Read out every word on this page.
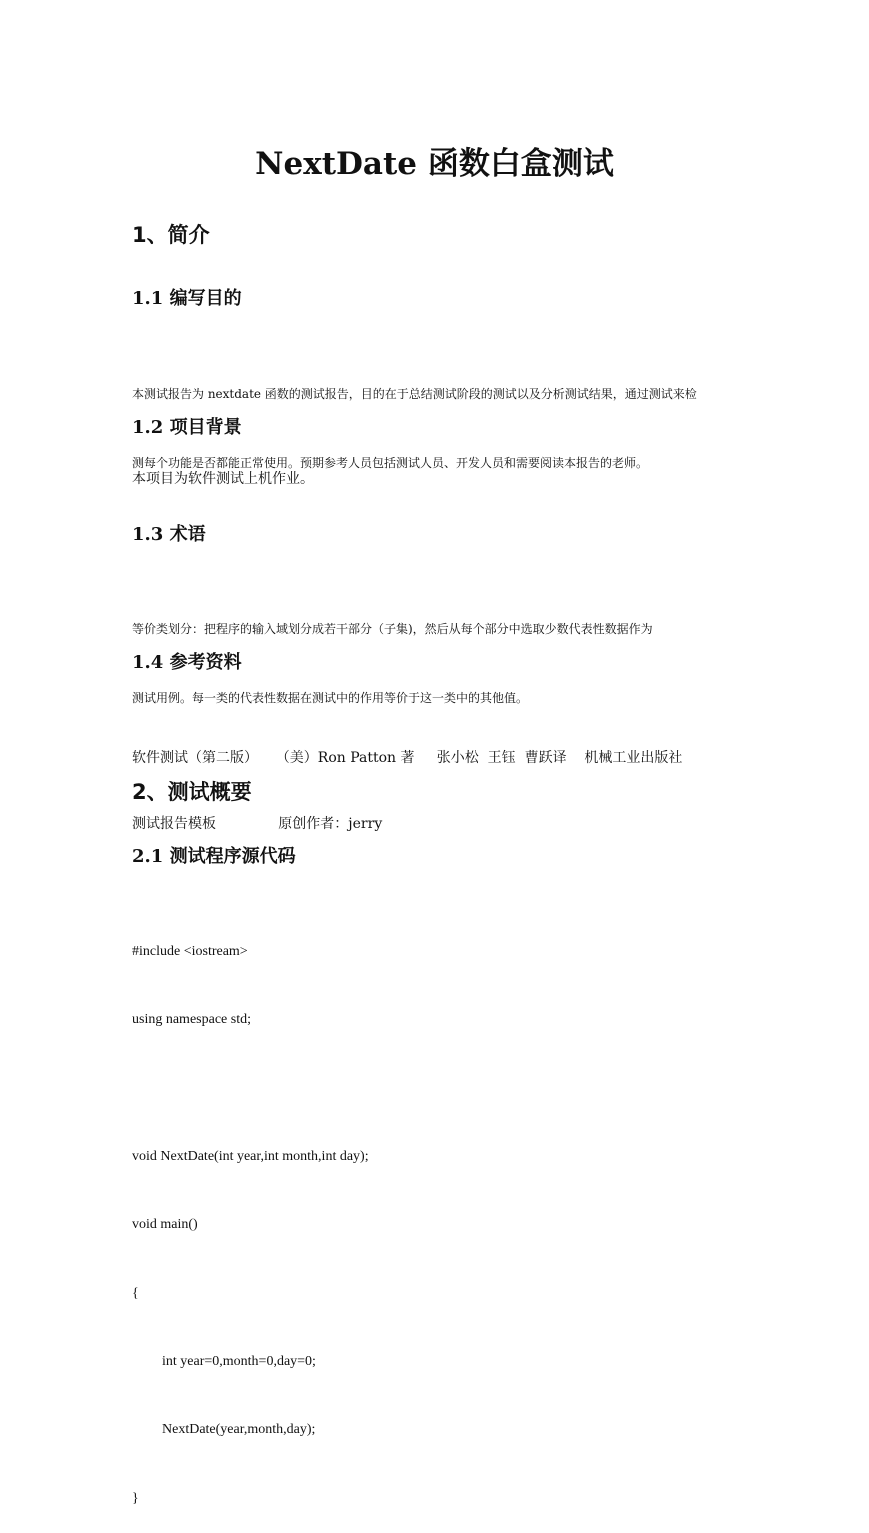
NextDate 函数白盒测试
1、简介
1.1 编写目的

本测试报告为 nextdate 函数的测试报告，目的在于总结测试阶段的测试以及分析测试结果，通过测试来检

测每个功能是否都能正常使用。预期参考人员包括测试人员、开发人员和需要阅读本报告的老师。

1.2 项目背景
本项目为软件测试上机作业。
1.3 术语

等价类划分：把程序的输入域划分成若干部分（子集)，然后从每个部分中选取少数代表性数据作为

测试用例。每一类的代表性数据在测试中的作用等价于这一类中的其他值。

1.4 参考资料

软件测试（第二版）    （美）Ron Patton 著     张小松  王钰  曹跃译    机械工业出版社

测试报告模板              原创作者：jerry

2、测试概要
2.1 测试程序源代码

#include <iostream>

using namespace std;

void NextDate(int year,int month,int day);

void main()

{

int year=0,month=0,day=0;

NextDate(year,month,day);

}
